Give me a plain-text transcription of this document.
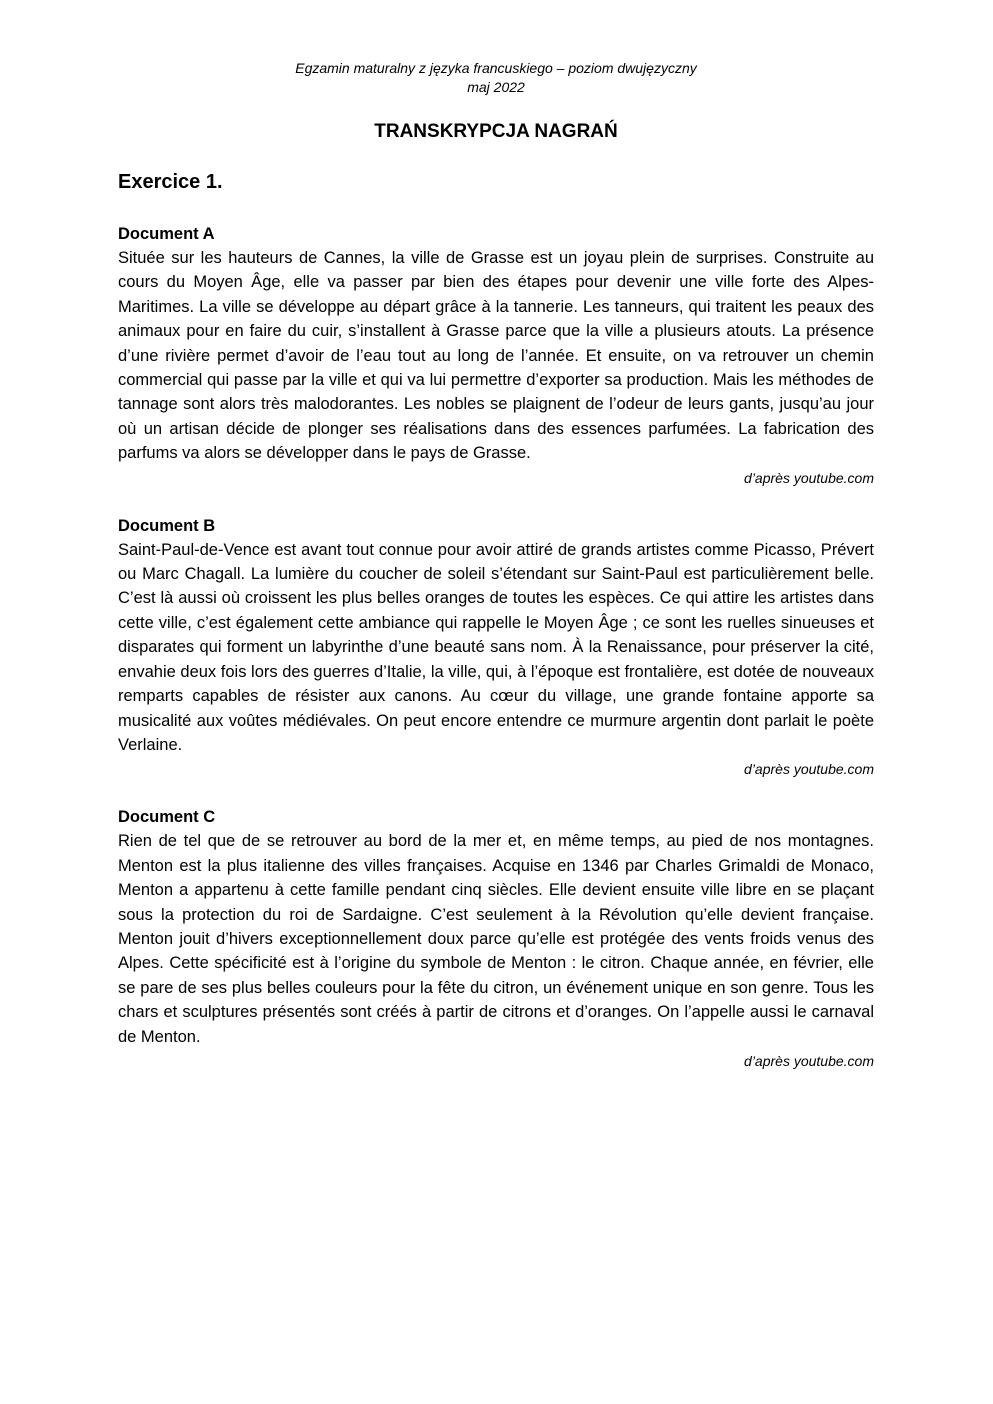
Egzamin maturalny z języka francuskiego – poziom dwujęzyczny
maj 2022
TRANSKRYPCJA NAGRAŃ
Exercice 1.
Document A

Située sur les hauteurs de Cannes, la ville de Grasse est un joyau plein de surprises. Construite au cours du Moyen Âge, elle va passer par bien des étapes pour devenir une ville forte des Alpes-Maritimes. La ville se développe au départ grâce à la tannerie. Les tanneurs, qui traitent les peaux des animaux pour en faire du cuir, s’installent à Grasse parce que la ville a plusieurs atouts. La présence d’une rivière permet d’avoir de l’eau tout au long de l’année. Et ensuite, on va retrouver un chemin commercial qui passe par la ville et qui va lui permettre d’exporter sa production. Mais les méthodes de tannage sont alors très malodorantes. Les nobles se plaignent de l’odeur de leurs gants, jusqu’au jour où un artisan décide de plonger ses réalisations dans des essences parfumées. La fabrication des parfums va alors se développer dans le pays de Grasse.

d’après youtube.com
Document B

Saint-Paul-de-Vence est avant tout connue pour avoir attiré de grands artistes comme Picasso, Prévert ou Marc Chagall. La lumière du coucher de soleil s’étendant sur Saint-Paul est particulièrement belle. C’est là aussi où croissent les plus belles oranges de toutes les espèces. Ce qui attire les artistes dans cette ville, c’est également cette ambiance qui rappelle le Moyen Âge ; ce sont les ruelles sinueuses et disparates qui forment un labyrinthe d’une beauté sans nom. À la Renaissance, pour préserver la cité, envahie deux fois lors des guerres d’Italie, la ville, qui, à l’époque est frontalière, est dotée de nouveaux remparts capables de résister aux canons. Au cœur du village, une grande fontaine apporte sa musicalité aux voûtes médiévales. On peut encore entendre ce murmure argentin dont parlait le poète Verlaine.

d’après youtube.com
Document C

Rien de tel que de se retrouver au bord de la mer et, en même temps, au pied de nos montagnes. Menton est la plus italienne des villes françaises. Acquise en 1346 par Charles Grimaldi de Monaco, Menton a appartenu à cette famille pendant cinq siècles. Elle devient ensuite ville libre en se plaçant sous la protection du roi de Sardaigne. C’est seulement à la Révolution qu’elle devient française. Menton jouit d’hivers exceptionnellement doux parce qu’elle est protégée des vents froids venus des Alpes. Cette spécificité est à l’origine du symbole de Menton : le citron. Chaque année, en février, elle se pare de ses plus belles couleurs pour la fête du citron, un événement unique en son genre. Tous les chars et sculptures présentés sont créés à partir de citrons et d’oranges. On l’appelle aussi le carnaval de Menton.

d’après youtube.com
